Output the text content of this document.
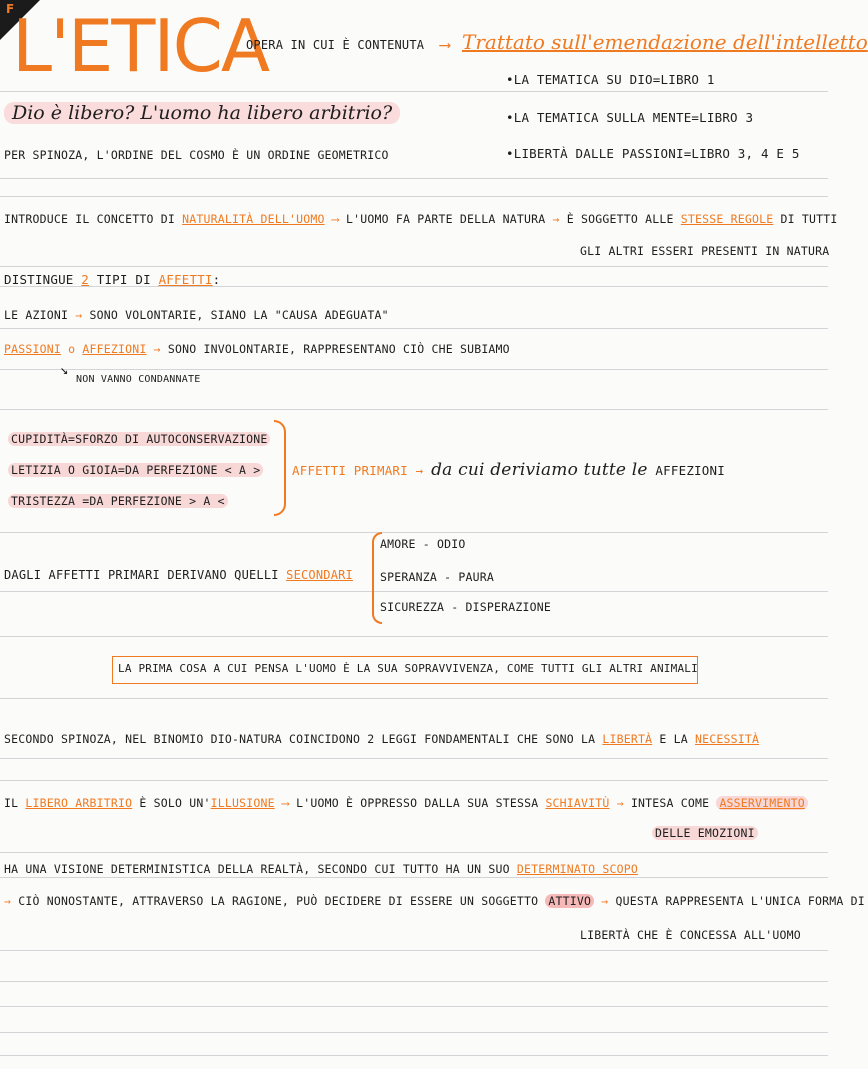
F
L'ETICA
OPERA IN CUI È CONTENUTA ⟶ Trattato sull'emendazione dell'intelletto
•LA TEMATICA SU DIO=LIBRO 1
•LA TEMATICA SULLA MENTE=LIBRO 3
•LIBERTÀ DALLE PASSIONI=LIBRO 3, 4 E 5
Dio è libero? L'uomo ha libero arbitrio?
PER SPINOZA, L'ORDINE DEL COSMO È UN ORDINE GEOMETRICO
INTRODUCE IL CONCETTO DI NATURALITÀ DELL'UOMO ⟶ L'UOMO FA PARTE DELLA NATURA → È SOGGETTO ALLE STESSE REGOLE DI TUTTI
GLI ALTRI ESSERI PRESENTI IN NATURA
DISTINGUE 2 TIPI DI AFFETTI:
LE AZIONI → SONO VOLONTARIE, SIANO LA "CAUSA ADEGUATA"
PASSIONI o AFFEZIONI → SONO INVOLONTARIE, RAPPRESENTANO CIÒ CHE SUBIAMO
↘
NON VANNO CONDANNATE
CUPIDITÀ=SFORZO DI AUTOCONSERVAZIONE
LETIZIA O GIOIA=DA PERFEZIONE < A >
TRISTEZZA =DA PERFEZIONE > A <
AFFETTI PRIMARI → da cui deriviamo tutte le AFFEZIONI
DAGLI AFFETTI PRIMARI DERIVANO QUELLI SECONDARI
AMORE - ODIO
SPERANZA - PAURA
SICUREZZA - DISPERAZIONE
LA PRIMA COSA A CUI PENSA L'UOMO È LA SUA SOPRAVVIVENZA, COME TUTTI GLI ALTRI ANIMALI
SECONDO SPINOZA, NEL BINOMIO DIO-NATURA COINCIDONO 2 LEGGI FONDAMENTALI CHE SONO LA LIBERTÀ E LA NECESSITÀ
IL LIBERO ARBITRIO È SOLO UN'ILLUSIONE ⟶ L'UOMO È OPPRESSO DALLA SUA STESSA SCHIAVITÙ → INTESA COME ASSERVIMENTO
DELLE EMOZIONI
HA UNA VISIONE DETERMINISTICA DELLA REALTÀ, SECONDO CUI TUTTO HA UN SUO DETERMINATO SCOPO
→ CIÒ NONOSTANTE, ATTRAVERSO LA RAGIONE, PUÒ DECIDERE DI ESSERE UN SOGGETTO ATTIVO → QUESTA RAPPRESENTA L'UNICA FORMA DI
LIBERTÀ CHE È CONCESSA ALL'UOMO
